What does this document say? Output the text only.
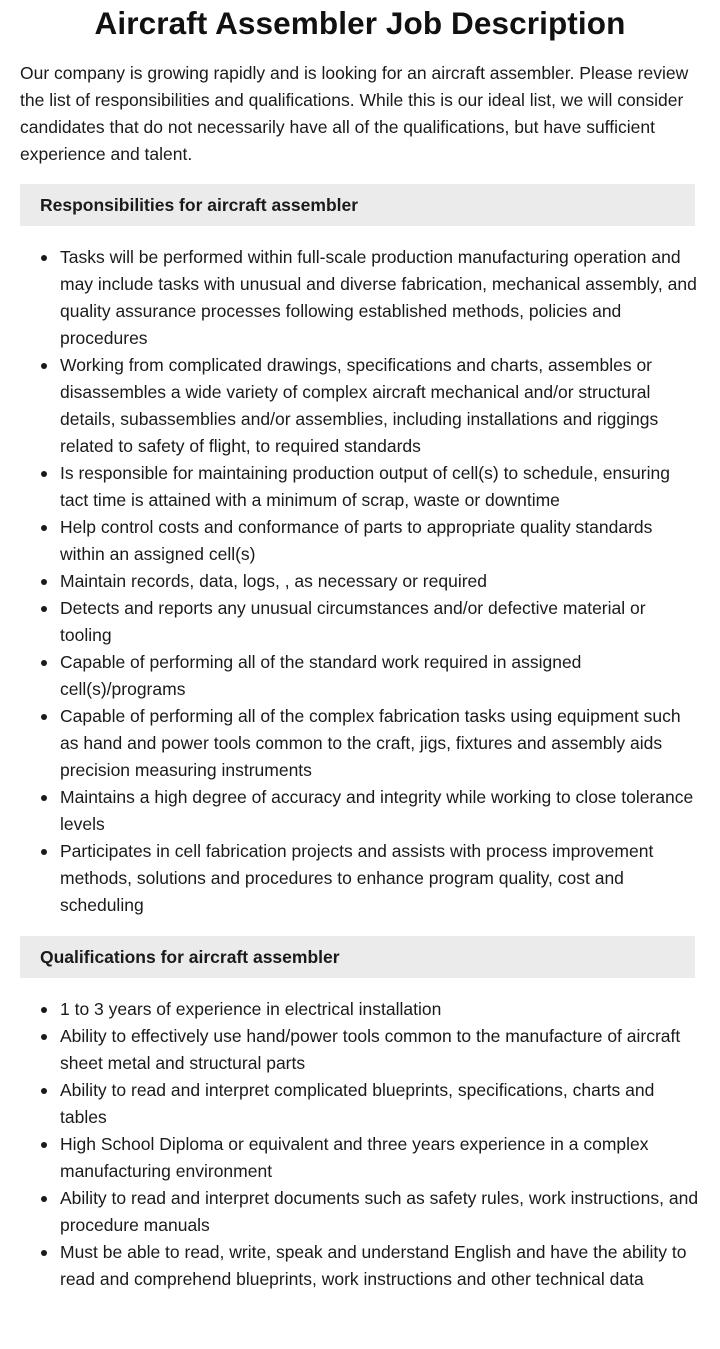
Aircraft Assembler Job Description

Our company is growing rapidly and is looking for an aircraft assembler. Please review the list of responsibilities and qualifications. While this is our ideal list, we will consider candidates that do not necessarily have all of the qualifications, but have sufficient experience and talent.

Responsibilities for aircraft assembler
Tasks will be performed within full-scale production manufacturing operation and may include tasks with unusual and diverse fabrication, mechanical assembly, and quality assurance processes following established methods, policies and procedures
Working from complicated drawings, specifications and charts, assembles or disassembles a wide variety of complex aircraft mechanical and/or structural details, subassemblies and/or assemblies, including installations and riggings related to safety of flight, to required standards
Is responsible for maintaining production output of cell(s) to schedule, ensuring tact time is attained with a minimum of scrap, waste or downtime
Help control costs and conformance of parts to appropriate quality standards within an assigned cell(s)
Maintain records, data, logs, , as necessary or required
Detects and reports any unusual circumstances and/or defective material or tooling
Capable of performing all of the standard work required in assigned cell(s)/programs
Capable of performing all of the complex fabrication tasks using equipment such as hand and power tools common to the craft, jigs, fixtures and assembly aids precision measuring instruments
Maintains a high degree of accuracy and integrity while working to close tolerance levels
Participates in cell fabrication projects and assists with process improvement methods, solutions and procedures to enhance program quality, cost and scheduling
Qualifications for aircraft assembler
1 to 3 years of experience in electrical installation
Ability to effectively use hand/power tools common to the manufacture of aircraft sheet metal and structural parts
Ability to read and interpret complicated blueprints, specifications, charts and tables
High School Diploma or equivalent and three years experience in a complex manufacturing environment
Ability to read and interpret documents such as safety rules, work instructions, and procedure manuals
Must be able to read, write, speak and understand English and have the ability to read and comprehend blueprints, work instructions and other technical data
